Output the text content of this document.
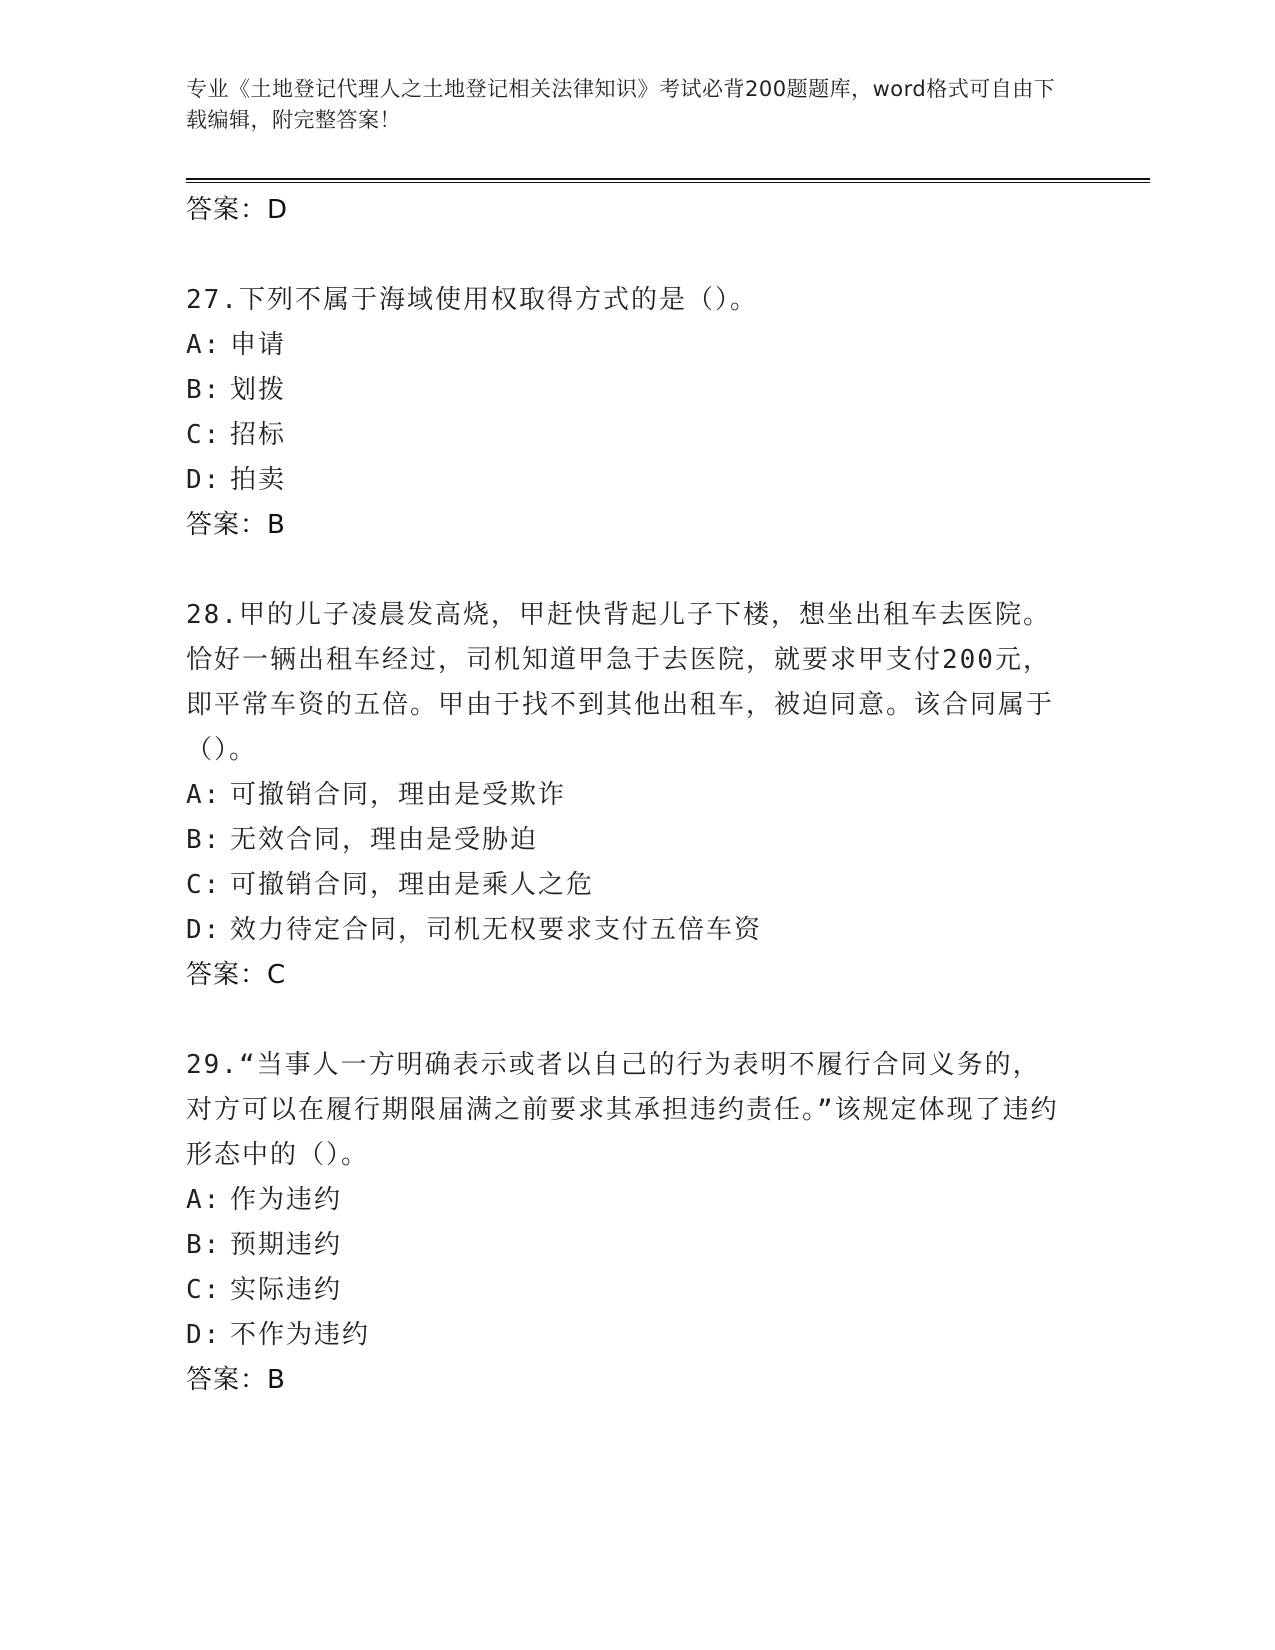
专业《土地登记代理人之土地登记相关法律知识》考试必背200题题库，word格式可自由下载编辑，附完整答案！
答案：D
27.下列不属于海域使用权取得方式的是（）。
A: 申请
B: 划拨
C: 招标
D: 拍卖
答案：B
28.甲的儿子凌晨发高烧，甲赶快背起儿子下楼，想坐出租车去医院。恰好一辆出租车经过，司机知道甲急于去医院，就要求甲支付200元，即平常车资的五倍。甲由于找不到其他出租车，被迫同意。该合同属于（）。
A: 可撤销合同，理由是受欺诈
B: 无效合同，理由是受胁迫
C: 可撤销合同，理由是乘人之危
D: 效力待定合同，司机无权要求支付五倍车资
答案：C
29.“当事人一方明确表示或者以自己的行为表明不履行合同义务的，对方可以在履行期限届满之前要求其承担违约责任。”该规定体现了违约形态中的（）。
A: 作为违约
B: 预期违约
C: 实际违约
D: 不作为违约
答案：B
